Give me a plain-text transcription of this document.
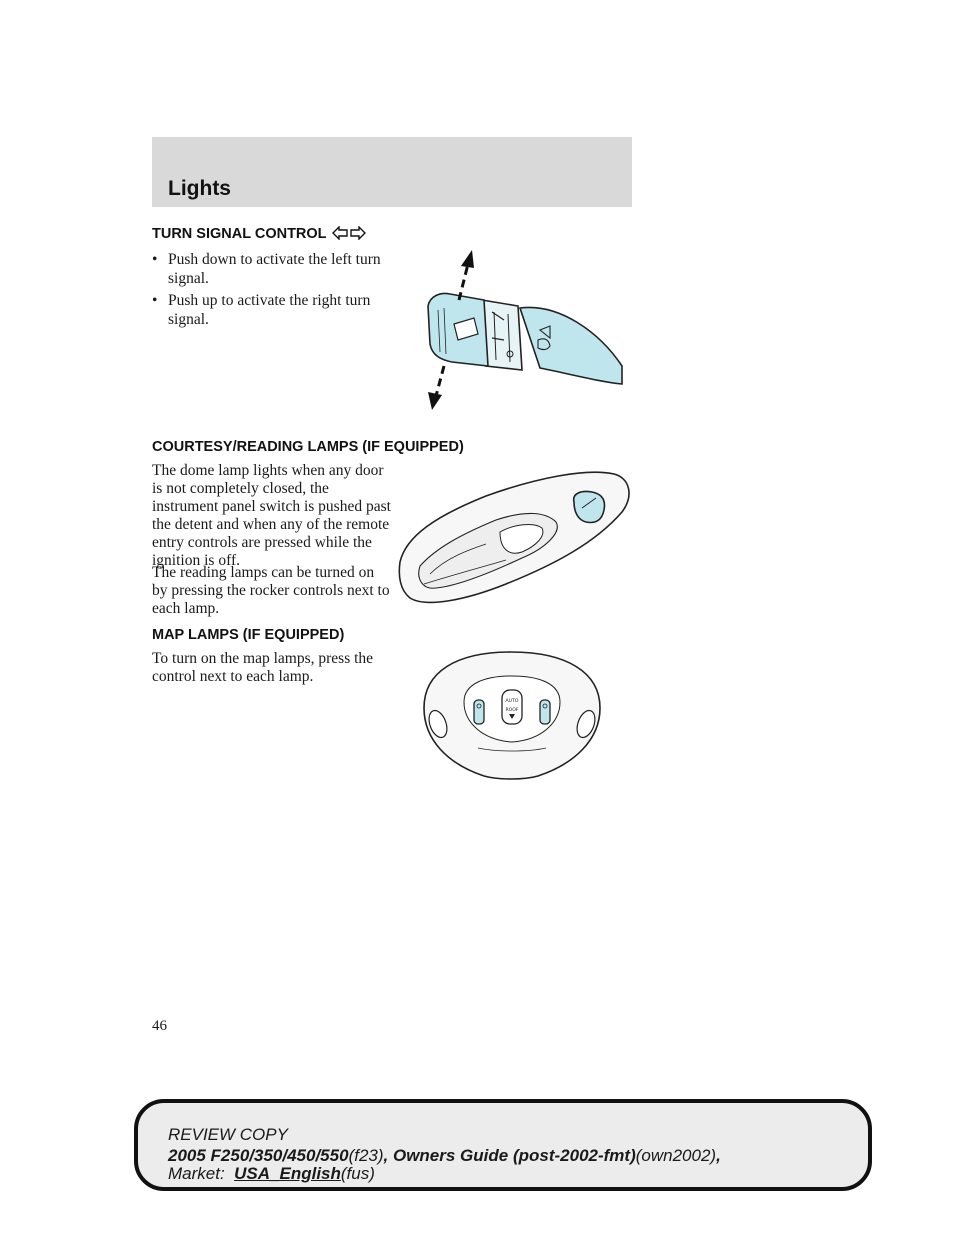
Lights
TURN SIGNAL CONTROL
• Push down to activate the left turn signal.
• Push up to activate the right turn signal.
COURTESY/READING LAMPS (IF EQUIPPED)

The dome lamp lights when any door is not completely closed, the instrument panel switch is pushed past the detent and when any of the remote entry controls are pressed while the ignition is off.

The reading lamps can be turned on by pressing the rocker controls next to each lamp.

MAP LAMPS (IF EQUIPPED)

To turn on the map lamps, press the control next to each lamp.

AUTO
ROOF
46
REVIEW COPY
2005 F250/350/450/550(f23), Owners Guide (post-2002-fmt)(own2002),
Market: USA_English(fus)
